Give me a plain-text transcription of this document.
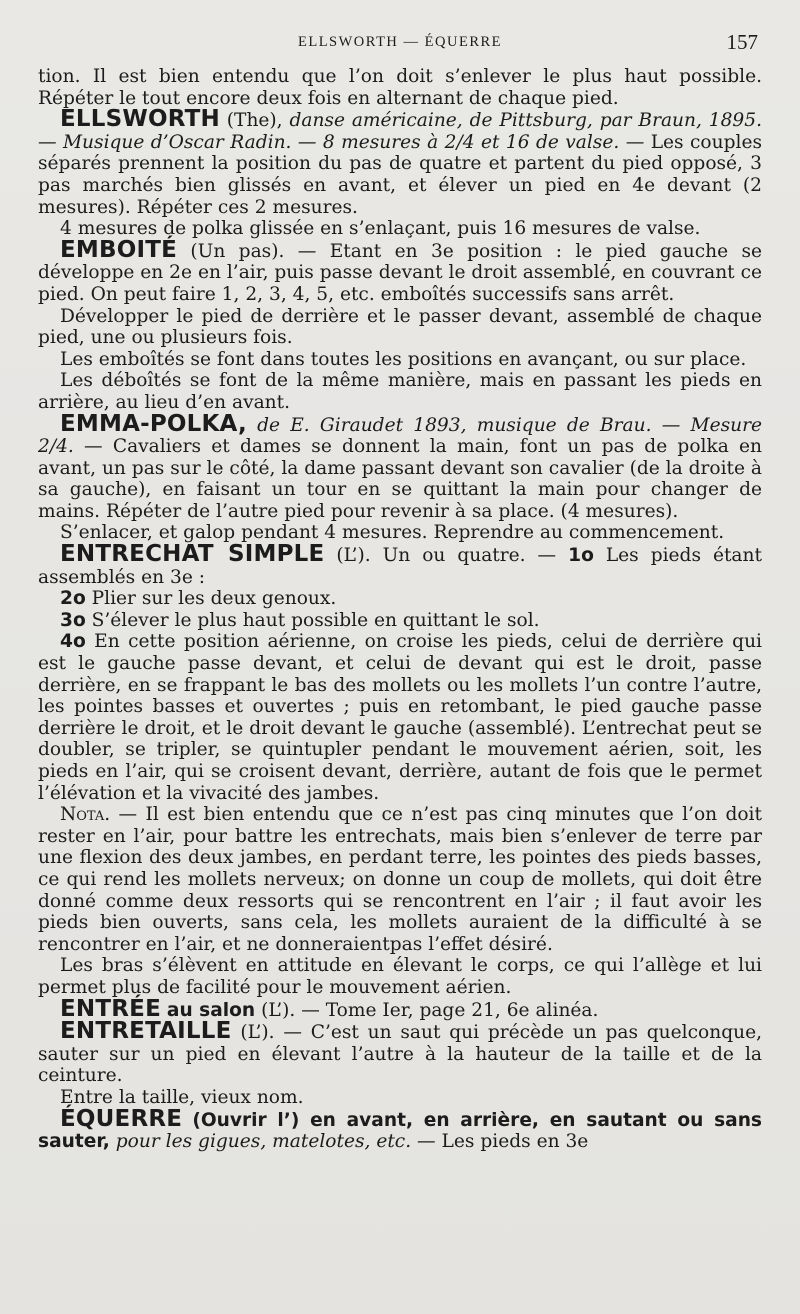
ELLSWORTH — ÉQUERRE	157

tion. Il est bien entendu que l’on doit s’enlever le plus haut possible. Répéter le tout encore deux fois en alternant de chaque pied.

ELLSWORTH (The), danse américaine, de Pittsburg, par Braun, 1895. — Musique d’Oscar Radin. — 8 mesures à 2/4 et 16 de valse. — Les couples séparés prennent la position du pas de quatre et partent du pied opposé, 3 pas marchés bien glissés en avant, et élever un pied en 4e devant (2 mesures). Répéter ces 2 mesures.

4 mesures de polka glissée en s’enlaçant, puis 16 mesures de valse.

EMBOITÉ (Un pas). — Etant en 3e position : le pied gauche se développe en 2e en l’air, puis passe devant le droit assemblé, en couvrant ce pied. On peut faire 1, 2, 3, 4, 5, etc. emboîtés successifs sans arrêt.

Développer le pied de derrière et le passer devant, assemblé de chaque pied, une ou plusieurs fois.

Les emboîtés se font dans toutes les positions en avançant, ou sur place.

Les déboîtés se font de la même manière, mais en passant les pieds en arrière, au lieu d’en avant.

EMMA-POLKA, de E. Giraudet 1893, musique de Brau. — Mesure 2/4. — Cavaliers et dames se donnent la main, font un pas de polka en avant, un pas sur le côté, la dame passant devant son cavalier (de la droite à sa gauche), en faisant un tour en se quittant la main pour changer de mains. Répéter de l’autre pied pour revenir à sa place. (4 mesures).

S’enlacer, et galop pendant 4 mesures. Reprendre au commencement.

ENTRECHAT SIMPLE (L’). Un ou quatre. — 1o Les pieds étant assemblés en 3e :

2o Plier sur les deux genoux.

3o S’élever le plus haut possible en quittant le sol.

4o En cette position aérienne, on croise les pieds, celui de derrière qui est le gauche passe devant, et celui de devant qui est le droit, passe derrière, en se frappant le bas des mollets ou les mollets l’un contre l’autre, les pointes basses et ouvertes ; puis en retombant, le pied gauche passe derrière le droit, et le droit devant le gauche (assemblé). L’entrechat peut se doubler, se tripler, se quintupler pendant le mouvement aérien, soit, les pieds en l’air, qui se croisent devant, derrière, autant de fois que le permet l’élévation et la vivacité des jambes.

Nota. — Il est bien entendu que ce n’est pas cinq minutes que l’on doit rester en l’air, pour battre les entrechats, mais bien s’enlever de terre par une flexion des deux jambes, en perdant terre, les pointes des pieds basses, ce qui rend les mollets nerveux; on donne un coup de mollets, qui doit être donné comme deux ressorts qui se rencontrent en l’air ; il faut avoir les pieds bien ouverts, sans cela, les mollets auraient de la difficulté à se rencontrer en l’air, et ne donneraientpas l’effet désiré.

Les bras s’élèvent en attitude en élevant le corps, ce qui l’allège et lui permet plus de facilité pour le mouvement aérien.

ENTRÉE au salon (L’). — Tome Ier, page 21, 6e alinéa.

ENTRETAILLE (L’). — C’est un saut qui précède un pas quelconque, sauter sur un pied en élevant l’autre à la hauteur de la taille et de la ceinture.

Entre la taille, vieux nom.

ÉQUERRE (Ouvrir l’) en avant, en arrière, en sautant ou sans sauter, pour les gigues, matelotes, etc. — Les pieds en 3e
